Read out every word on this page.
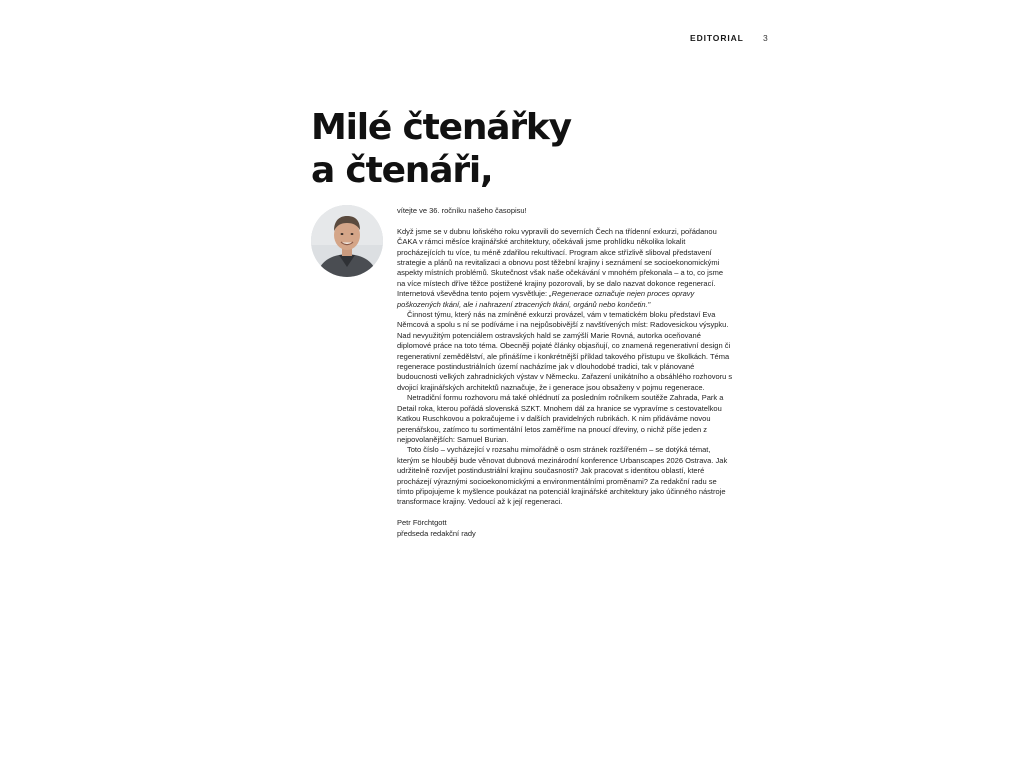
EDITORIAL 3
Milé čtenářky
a čtenáři,

vítejte ve 36. ročníku našeho časopisu!

Když jsme se v dubnu loňského roku vypravili do severních Čech na třídenní exkurzi, pořádanou ČAKA v rámci měsíce krajinářské architektury, očekávali jsme prohlídku několika lokalit procházejících tu více, tu méně zdařilou rekultivací. Program akce střízlivě sliboval představení strategie a plánů na revitalizaci a obnovu post těžební krajiny i seznámení se socioekonomickými aspekty místních problémů. Skutečnost však naše očekávání v mnohém překonala – a to, co jsme na více místech dříve těžce postižené krajiny pozorovali, by se dalo nazvat dokonce regenerací. Internetová vševědna tento pojem vysvětluje: „Regenerace označuje nejen proces opravy poškozených tkání, ale i nahrazení ztracených tkání, orgánů nebo končetin."

Činnost týmu, který nás na zmíněné exkurzi provázel, vám v tematickém bloku představí Eva Němcová a spolu s ní se podíváme i na nejpůsobivější z navštívených míst: Radovesickou výsypku. Nad nevyužitým potenciálem ostravských hald se zamýšlí Marie Rovná, autorka oceňované diplomové práce na toto téma. Obecněji pojaté články objasňují, co znamená regenerativní design či regenerativní zemědělství, ale přinášíme i konkrétnější příklad takového přístupu ve školkách. Téma regenerace postindustriálních území nacházíme jak v dlouhodobé tradici, tak v plánované budoucnosti velkých zahradnických výstav v Německu. Zařazení unikátního a obsáhlého rozhovoru s dvojicí krajinářských architektů naznačuje, že i generace jsou obsaženy v pojmu regenerace.

Netradiční formu rozhovoru má také ohlédnutí za posledním ročníkem soutěže Zahrada, Park a Detail roka, kterou pořádá slovenská SZKT. Mnohem dál za hranice se vypravíme s cestovatelkou Katkou Ruschkovou a pokračujeme i v dalších pravidelných rubrikách. K nim přidáváme novou perenářskou, zatímco tu sortimentální letos zaměříme na pnoucí dřeviny, o nichž píše jeden z nejpovolanějších: Samuel Burian.

Toto číslo – vycházející v rozsahu mimořádně o osm stránek rozšířeném – se dotýká témat, kterým se hlouběji bude věnovat dubnová mezinárodní konference Urbanscapes 2026 Ostrava. Jak udržitelně rozvíjet postindustriální krajinu současnosti? Jak pracovat s identitou oblastí, které procházejí výraznými socioekonomickými a environmentálními proměnami? Za redakční radu se tímto připojujeme k myšlence poukázat na potenciál krajinářské architektury jako účinného nástroje transformace krajiny. Vedoucí až k její regeneraci.

Petr Förchtgott
předseda redakční rady
